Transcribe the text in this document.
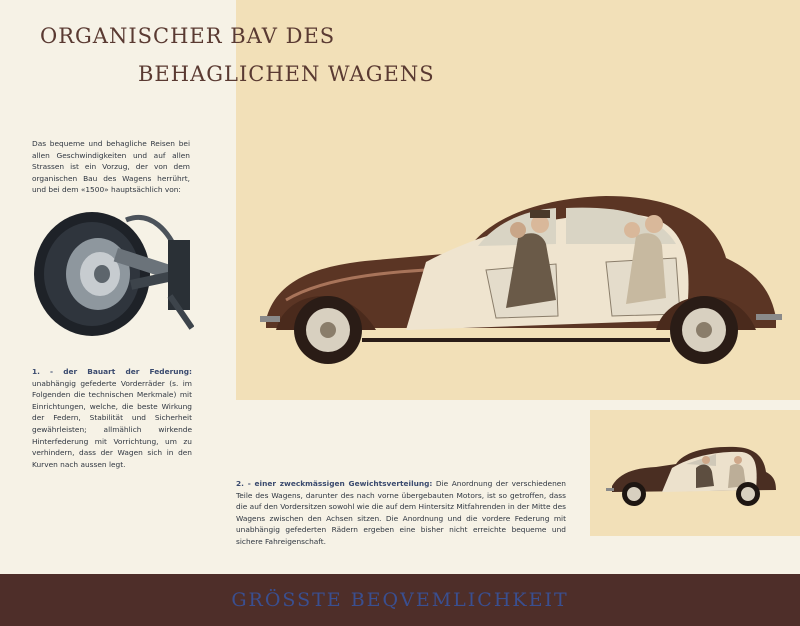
ORGANISCHER BAV DES
BEHAGLICHEN WAGENS
Das bequeme und behagliche Reisen bei allen Geschwindigkeiten und auf allen Strassen ist ein Vorzug, der von dem organischen Bau des Wagens herrührt, und bei dem «1500» hauptsächlich von:
1. - der Bauart der Federung: unabhängig gefederte Vorderräder (s. im Folgenden die technischen Merkmale) mit Einrichtungen, welche, die beste Wirkung der Federn, Stabilität und Sicherheit gewährleisten; allmählich wirkende Hinterfederung mit Vorrichtung, um zu verhindern, dass der Wagen sich in den Kurven nach aussen legt.
2. - einer zweckmässigen Gewichtsverteilung: Die Anordnung der verschiedenen Teile des Wagens, darunter des nach vorne übergebauten Motors, ist so getroffen, dass die auf den Vordersitzen sowohl wie die auf dem Hintersitz Mitfahrenden in der Mitte des Wagens zwischen den Achsen sitzen. Die Anordnung und die vordere Federung mit unabhängig gefederten Rädern ergeben eine bisher nicht erreichte bequeme und sichere Fahreigenschaft.
GRÖSSTE BEQVEMLICHKEIT
